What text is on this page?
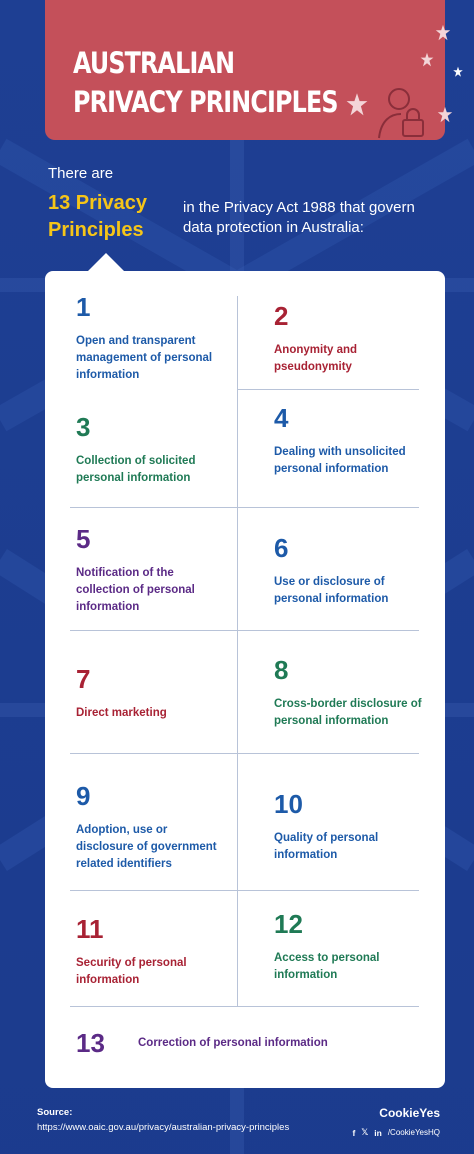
AUSTRALIAN
PRIVACY PRINCIPLES
There are
13 Privacy
Principles
in the Privacy Act 1988 that govern data protection in Australia:
1
Open and transparent management of personal information
2
Anonymity and pseudonymity
3
Collection of solicited personal information
4
Dealing with unsolicited personal information
5
Notification of the collection of personal information
6
Use or disclosure of personal information
7
Direct marketing
8
Cross-border disclosure of personal information
9
Adoption, use or disclosure of government related identifiers
10
Quality of personal information
11
Security of personal information
12
Access to personal information
13	Correction of personal information
Source:
https://www.oaic.gov.au/privacy/australian-privacy-principles
CookieYes
f 𝕏 in /CookieYesHQ
